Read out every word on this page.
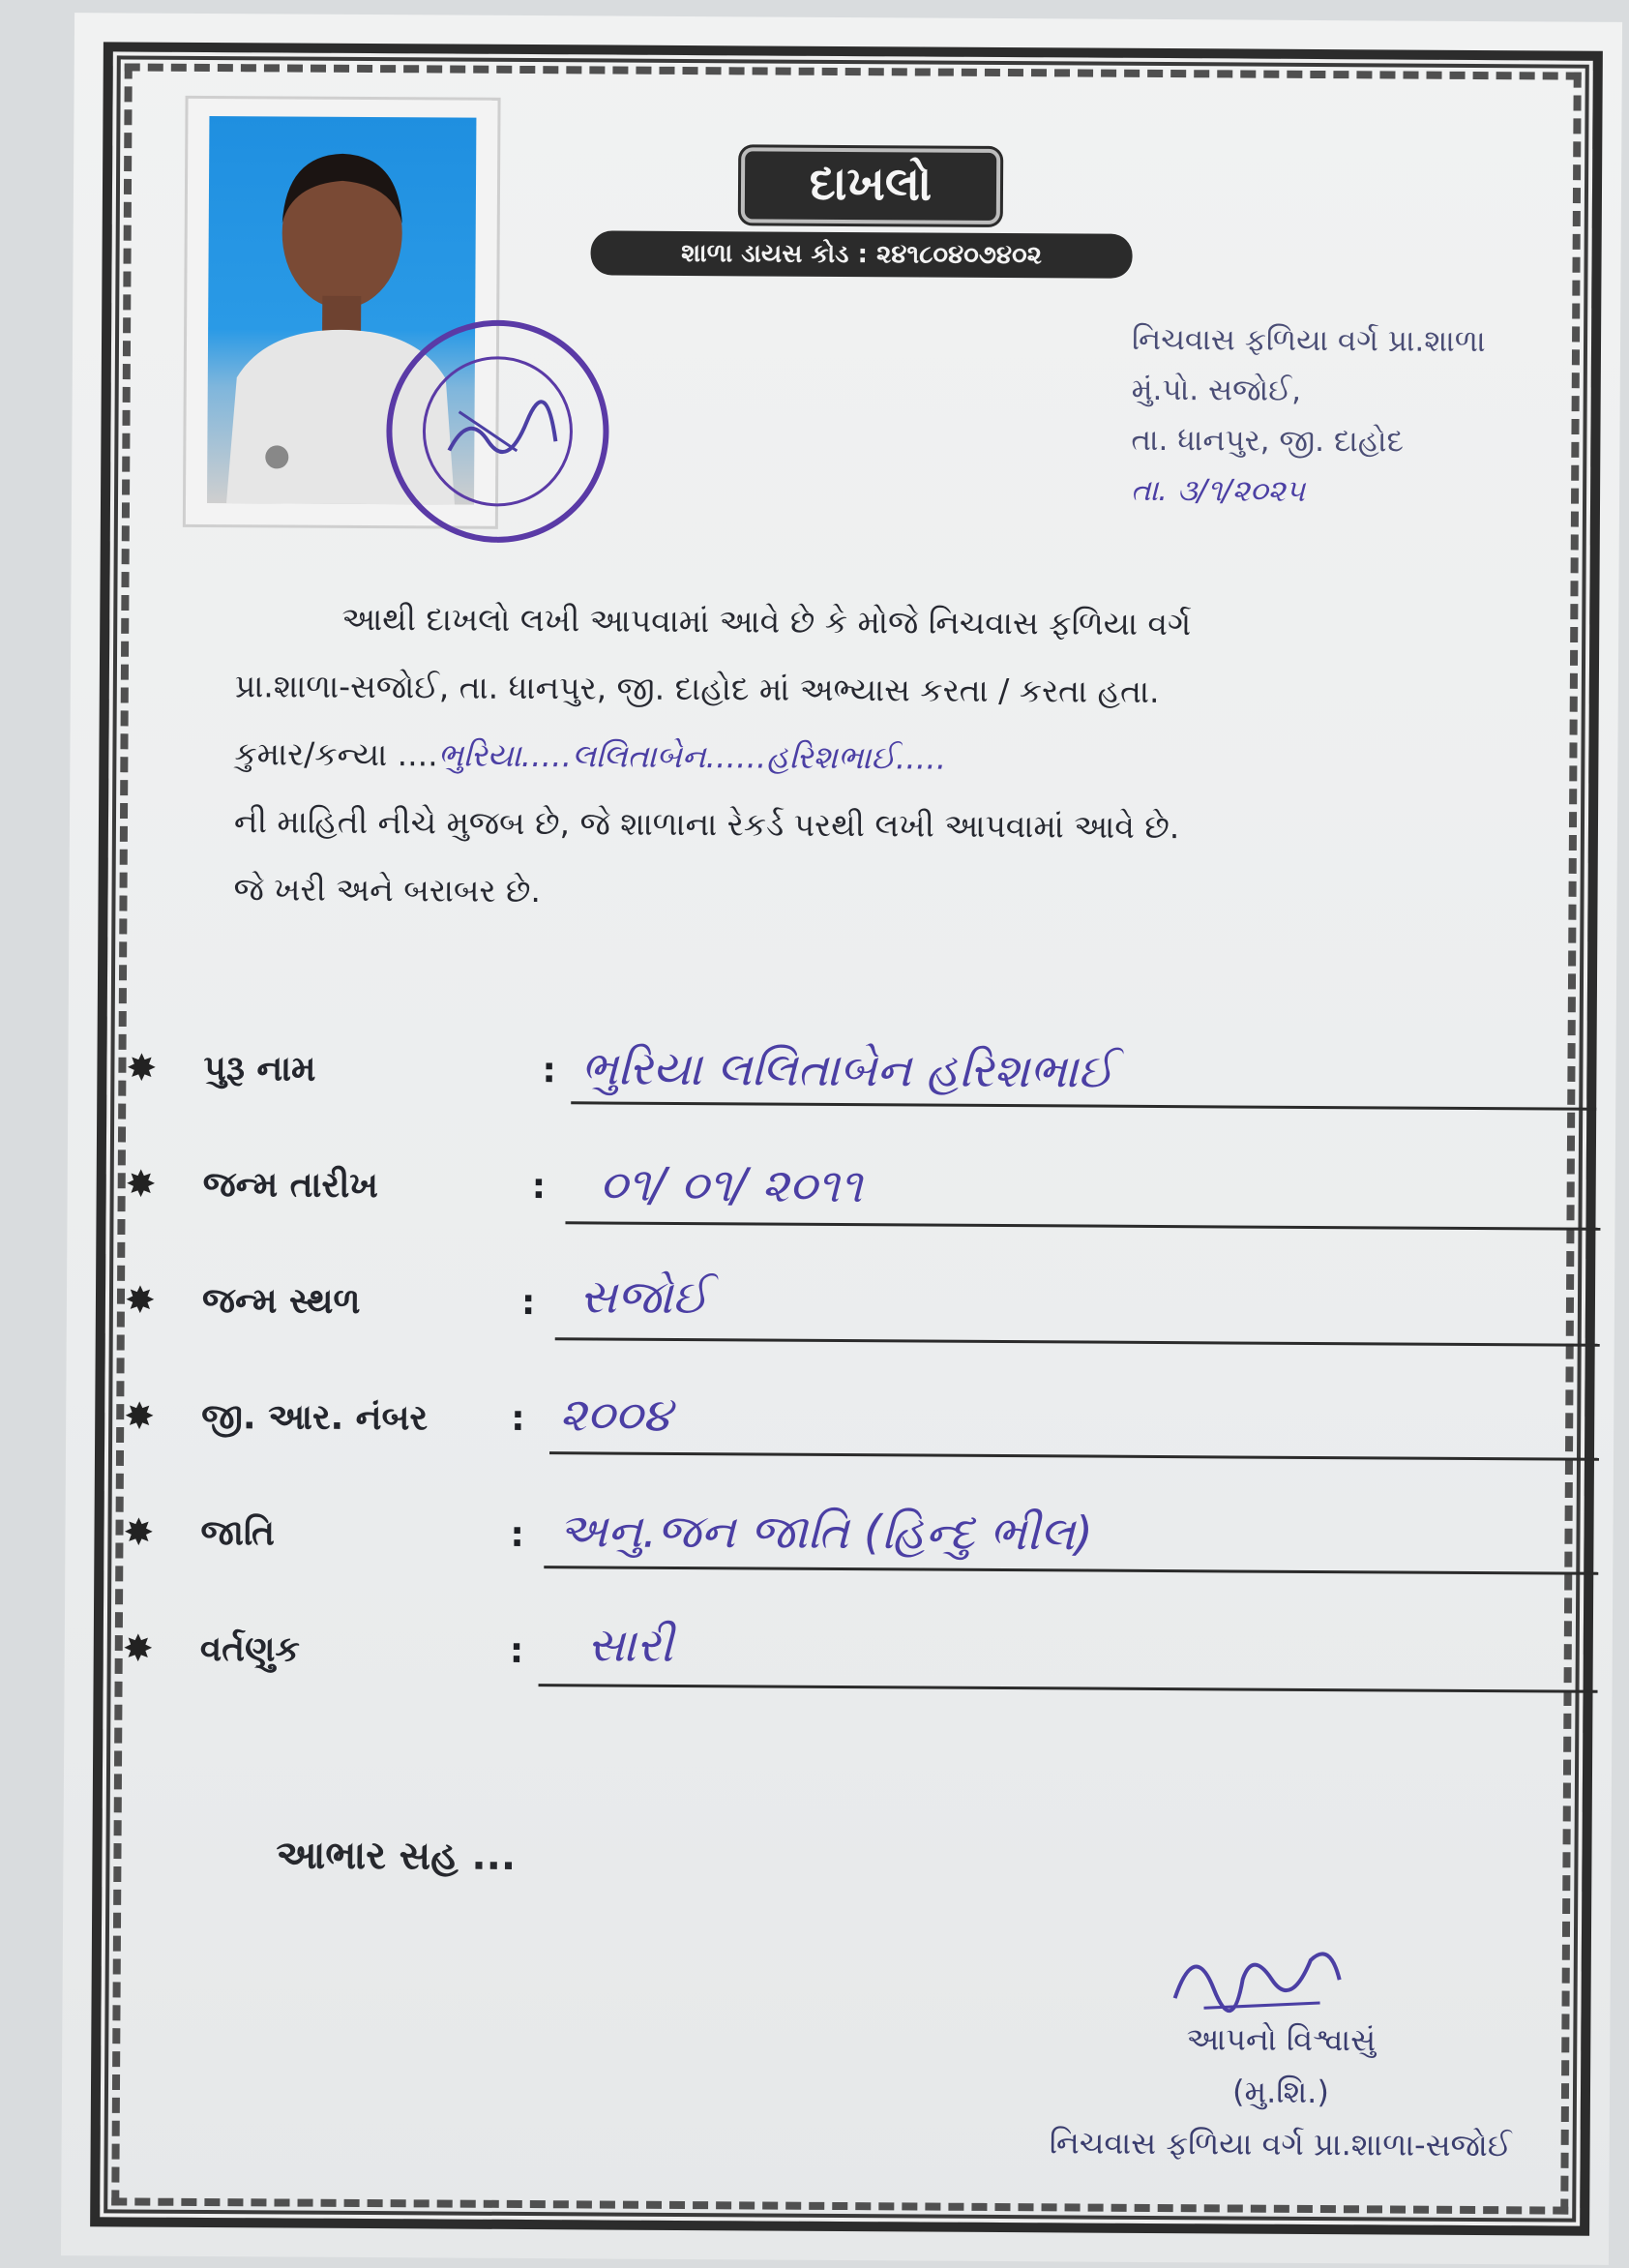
દાખલો
શાળા ડાયસ કોડ : ૨૪૧૮૦૪૦૭૪૦૨
નિચવાસ ફળિયા વર્ગ પ્રા.શાળા
મું.પો. સજોઈ,
તા. ધાનપુર, જી. દાહોદ
તા. ૩/૧/૨૦૨૫

આથી દાખલો લખી આપવામાં આવે છે કે મોજે નિચવાસ ફળિયા વર્ગ

પ્રા.શાળા-સજોઈ, તા. ધાનપુર, જી. દાહોદ માં અભ્યાસ કરતા / કરતા હતા.

કુમાર/કન્યા ....ભુરિયા.....લલિતાબેન......હરિશભાઈ.....

ની માહિતી નીચે મુજબ છે, જે શાળાના રેકર્ડ પરથી લખી આપવામાં આવે છે.

જે ખરી અને બરાબર છે.

✸ પુરૂ નામ	: ભુરિયા લલિતાબેન હરિશભાઈ
✸ જન્મ તારીખ	: ૦૧/ ૦૧/ ૨૦૧૧
✸ જન્મ સ્થળ	: સજોઈ
✸ જી. આર. નંબર : ૨૦૦૪
✸ જાતિ	: અનુ.જન જાતિ (હિન્દુ ભીલ)
✸ વર્તણુક	: સારી
આભાર સહ ...
આપનો વિશ્વાસું
(મુ.શિ.)
નિચવાસ ફળિયા વર્ગ પ્રા.શાળા-સજોઈ
